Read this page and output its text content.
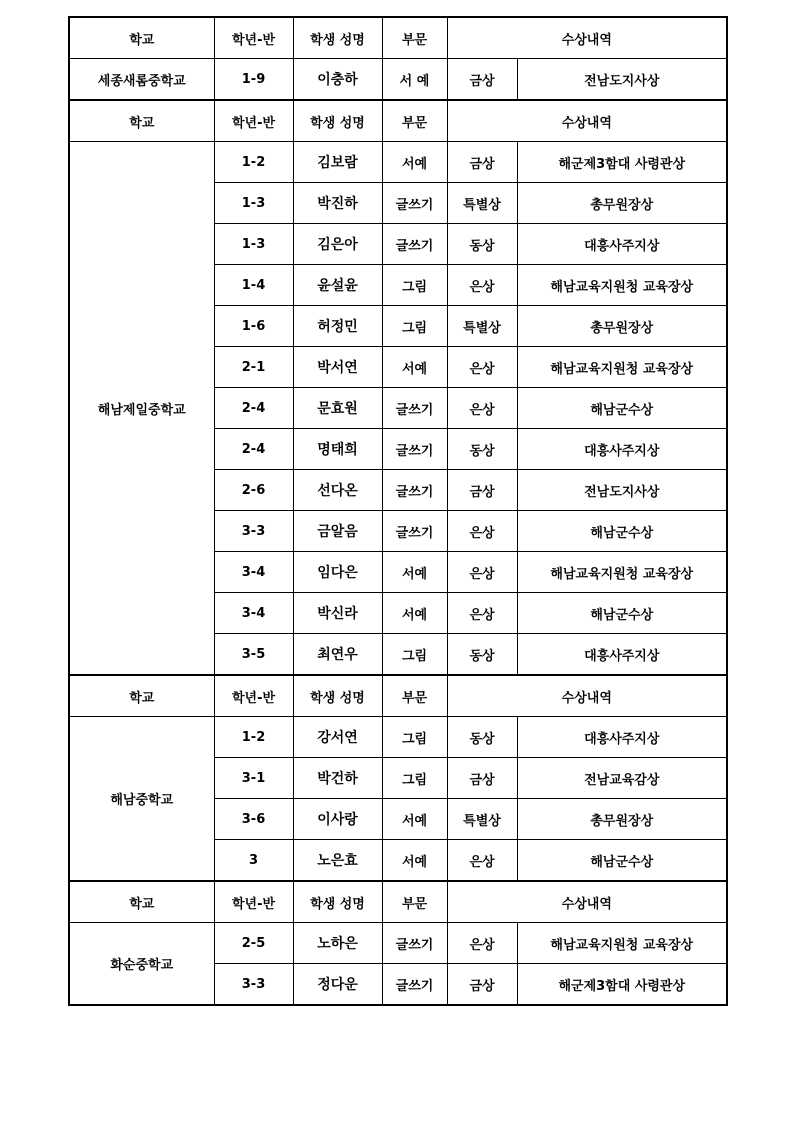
학교	학년-반	학생 성명	부문	수상내역	
세종새롬중학교	1-9	이충하	서 예	금상	전남도지사상
학교	학년-반	학생 성명	부문	수상내역	
해남제일중학교	1-2	김보람	서예	금상	해군제3함대 사령관상
	1-3	박진하	글쓰기	특별상	총무원장상
	1-3	김은아	글쓰기	동상	대흥사주지상
	1-4	윤설윤	그림	은상	해남교육지원청 교육장상
	1-6	허정민	그림	특별상	총무원장상
	2-1	박서연	서예	은상	해남교육지원청 교육장상
	2-4	문효원	글쓰기	은상	해남군수상
	2-4	명태희	글쓰기	동상	대흥사주지상
	2-6	선다온	글쓰기	금상	전남도지사상
	3-3	금알음	글쓰기	은상	해남군수상
	3-4	임다은	서예	은상	해남교육지원청 교육장상
	3-4	박신라	서예	은상	해남군수상
	3-5	최연우	그림	동상	대흥사주지상
학교	학년-반	학생 성명	부문	수상내역	
해남중학교	1-2	강서연	그림	동상	대흥사주지상
	3-1	박건하	그림	금상	전남교육감상
	3-6	이사랑	서예	특별상	총무원장상
	3	노은효	서예	은상	해남군수상
학교	학년-반	학생 성명	부문	수상내역	
화순중학교	2-5	노하은	글쓰기	은상	해남교육지원청 교육장상
	3-3	정다운	글쓰기	금상	해군제3함대 사령관상
